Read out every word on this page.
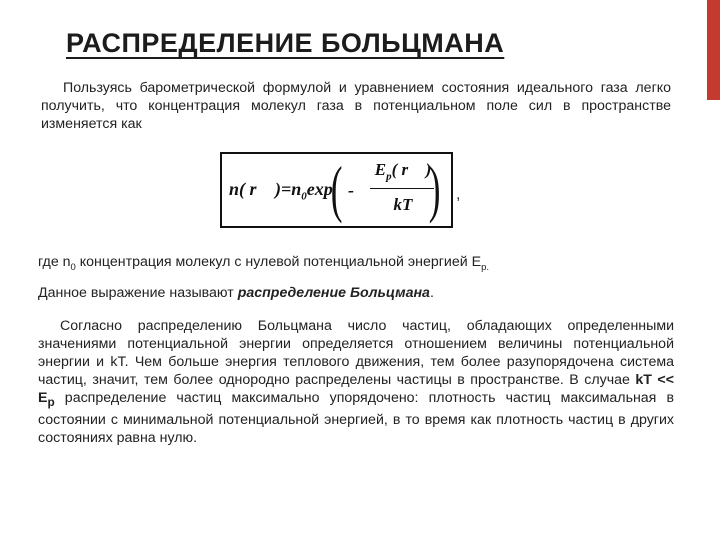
РАСПРЕДЕЛЕНИЕ БОЛЬЦМАНА

Пользуясь барометрической формулой и уравнением состояния идеального газа легко получить, что концентрация молекул газа в потенциальном поле сил в пространстве изменяется как

n( r⃗ )$=n_0\exp$
( -
$E_p$( r⃗ )
kT ) ,

где $n_0$ концентрация молекул с нулевой потенциальной энергией $E_{p.}$

Данное выражение называют распределение Больцмана.

Согласно распределению Больцмана число частиц, обладающих определенными значениями потенциальной энергии определяется отношением величины потенциальной энергии и kT. Чем больше энергия теплового движения, тем более разупорядочена система частиц, значит, тем более однородно распределены частицы в пространстве. В случае kT << $E_p$ распределение частиц максимально упорядочено: плотность частиц максимальная в состоянии с минимальной потенциальной энергией, в то время как плотность частиц в других состояниях равна нулю.
